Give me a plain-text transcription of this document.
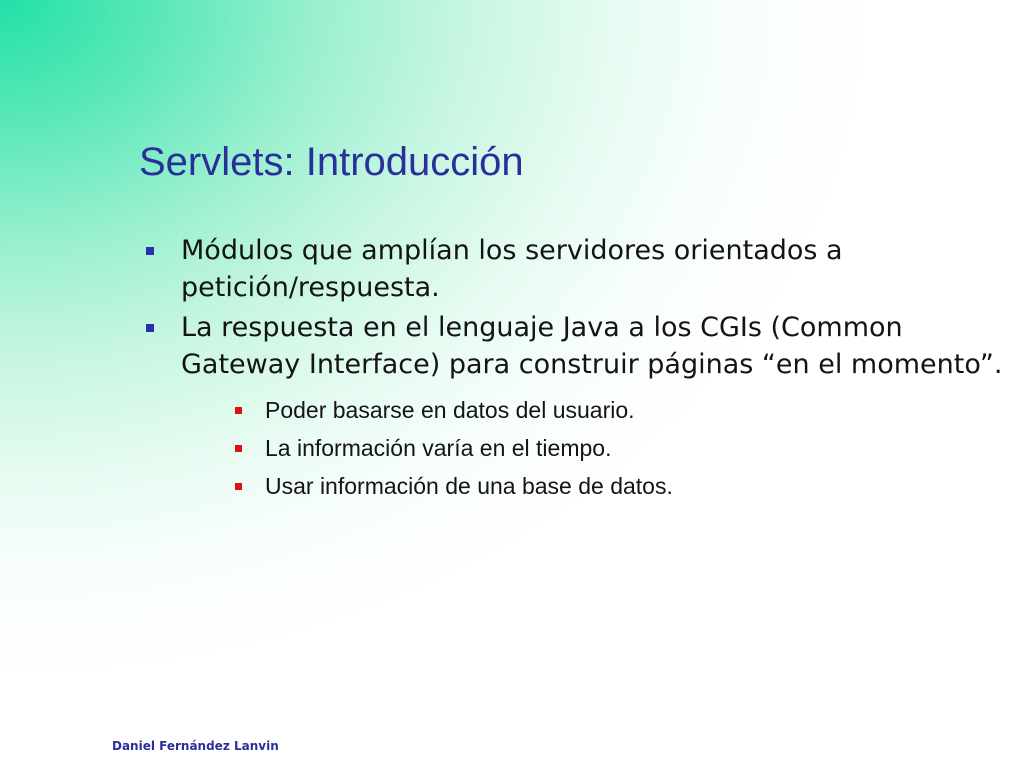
Servlets: Introducción
Módulos que amplían los servidores orientados a petición/respuesta.
La respuesta en el lenguaje Java a los CGIs (Common Gateway Interface) para construir páginas “en el momento”.
Poder basarse en datos del usuario.
La información varía en el tiempo.
Usar información de una base de datos.
Daniel Fernández Lanvin
